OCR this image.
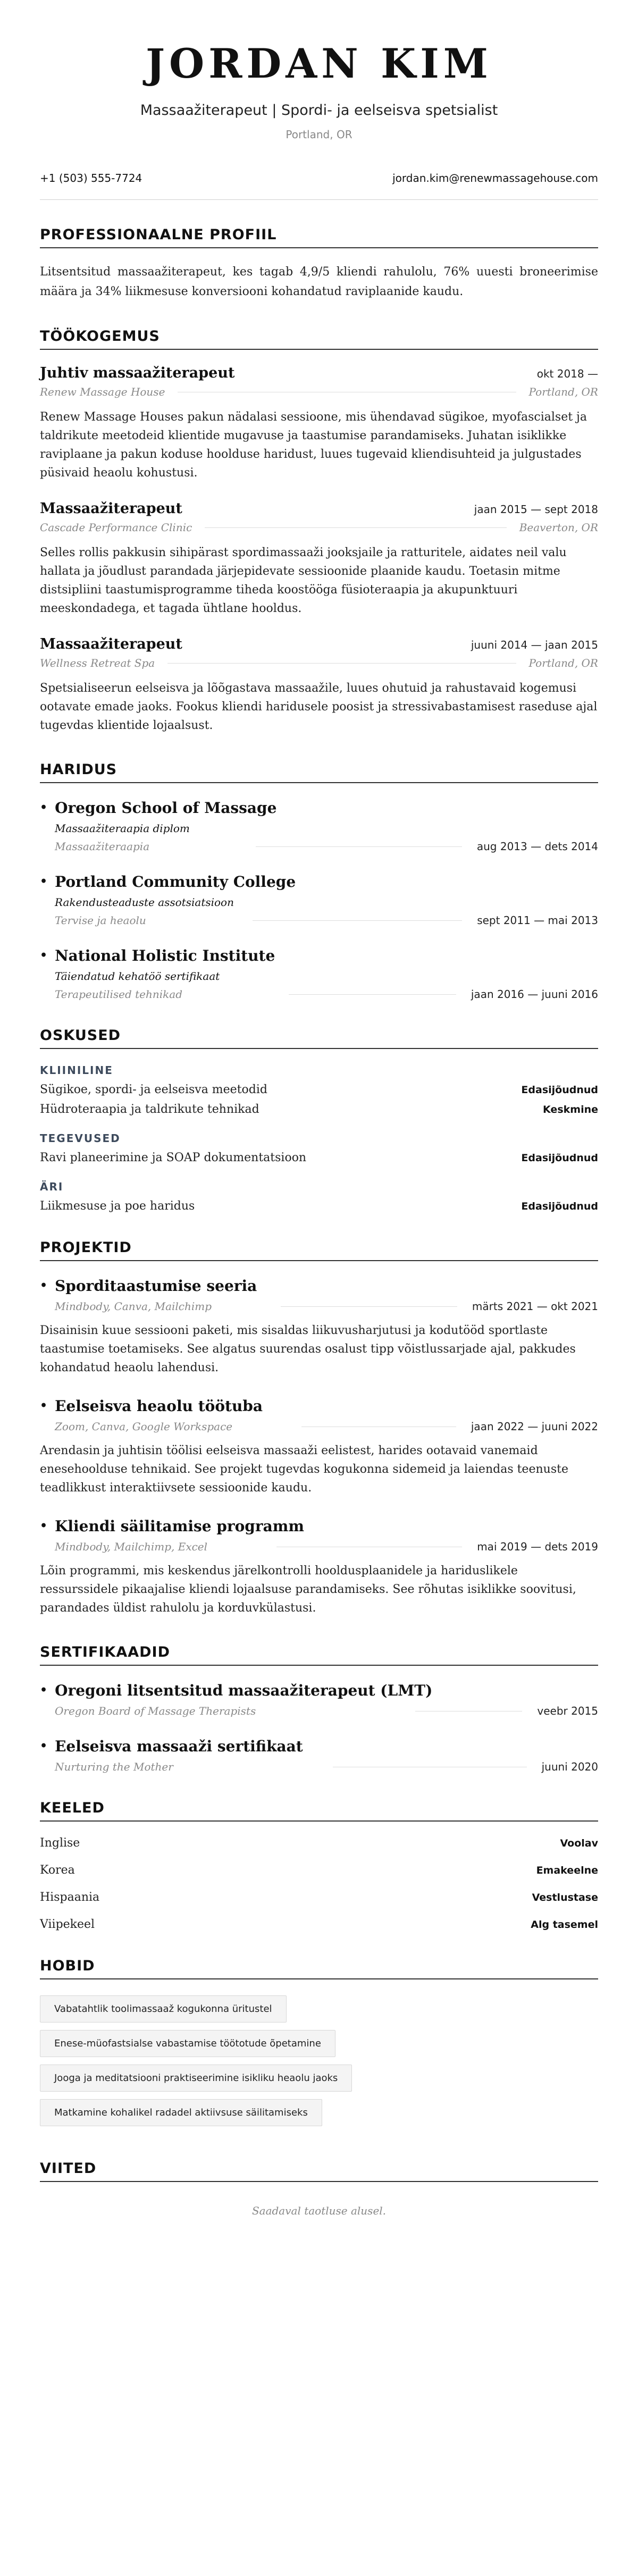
JORDAN KIM
Massaažiterapeut | Spordi- ja eelseisva spetsialist
Portland, OR
+1 (503) 555-7724	jordan.kim@renewmassagehouse.com
PROFESSIONAALNE PROFIIL

Litsentsitud massaažiterapeut, kes tagab 4,9/5 kliendi rahulolu, 76% uuesti broneerimise määra ja 34% liikmesuse konversiooni kohandatud raviplaanide kaudu.

TÖÖKOGEMUS
Juhtiv massaažiterapeut	okt 2018 —
Renew Massage House	Portland, OR

Renew Massage Houses pakun nädalasi sessioone, mis ühendavad sügikoe, myofascialset ja taldrikute meetodeid klientide mugavuse ja taastumise parandamiseks. Juhatan isiklikke raviplaane ja pakun koduse hoolduse haridust, luues tugevaid kliendisuhteid ja julgustades püsivaid heaolu kohustusi.

Massaažiterapeut	jaan 2015 — sept 2018
Cascade Performance Clinic	Beaverton, OR

Selles rollis pakkusin sihipärast spordimassaaži jooksjaile ja ratturitele, aidates neil valu hallata ja jõudlust parandada järjepidevate sessioonide plaanide kaudu. Toetasin mitme distsipliini taastumisprogramme tiheda koostööga füsioteraapia ja akupunktuuri meeskondadega, et tagada ühtlane hooldus.

Massaažiterapeut	juuni 2014 — jaan 2015
Wellness Retreat Spa	Portland, OR

Spetsialiseerun eelseisva ja lõõgastava massaažile, luues ohutuid ja rahustavaid kogemusi ootavate emade jaoks. Fookus kliendi haridusele poosist ja stressivabastamisest raseduse ajal tugevdas klientide lojaalsust.

HARIDUS
• Oregon School of Massage
Massaažiteraapia diplom
Massaažiteraapia	aug 2013 — dets 2014
• Portland Community College
Rakendusteaduste assotsiatsioon
Tervise ja heaolu	sept 2011 — mai 2013
• National Holistic Institute
Täiendatud kehatöö sertifikaat
Terapeutilised tehnikad	jaan 2016 — juuni 2016
OSKUSED
KLIINILINE
Sügikoe, spordi- ja eelseisva meetodid	Edasijõudnud
Hüdroteraapia ja taldrikute tehnikad	Keskmine
TEGEVUSED
Ravi planeerimine ja SOAP dokumentatsioon	Edasijõudnud
ÄRI
Liikmesuse ja poe haridus	Edasijõudnud
PROJEKTID
• Sporditaastumise seeria
Mindbody, Canva, Mailchimp	märts 2021 — okt 2021

Disainisin kuue sessiooni paketi, mis sisaldas liikuvusharjutusi ja kodutööd sportlaste taastumise toetamiseks. See algatus suurendas osalust tipp võistlussarjade ajal, pakkudes kohandatud heaolu lahendusi.

• Eelseisva heaolu töötuba
Zoom, Canva, Google Workspace	jaan 2022 — juuni 2022

Arendasin ja juhtisin töölisi eelseisva massaaži eelistest, harides ootavaid vanemaid enesehoolduse tehnikaid. See projekt tugevdas kogukonna sidemeid ja laiendas teenuste teadlikkust interaktiivsete sessioonide kaudu.

• Kliendi säilitamise programm
Mindbody, Mailchimp, Excel	mai 2019 — dets 2019

Lõin programmi, mis keskendus järelkontrolli hooldusplaanidele ja hariduslikele ressurssidele pikaajalise kliendi lojaalsuse parandamiseks. See rõhutas isiklikke soovitusi, parandades üldist rahulolu ja korduvkülastusi.

SERTIFIKAADID
• Oregoni litsentsitud massaažiterapeut (LMT)
Oregon Board of Massage Therapists	veebr 2015
• Eelseisva massaaži sertifikaat
Nurturing the Mother	juuni 2020
KEELED
Inglise	Voolav
Korea	Emakeelne
Hispaania	Vestlustase
Viipekeel	Alg tasemel
HOBID
Vabatahtlik toolimassaaž kogukonna üritustel
Enese-müofastsialse vabastamise töötotude õpetamine
Jooga ja meditatsiooni praktiseerimine isikliku heaolu jaoks
Matkamine kohalikel radadel aktiivsuse säilitamiseks
VIITED

Saadaval taotluse alusel.
